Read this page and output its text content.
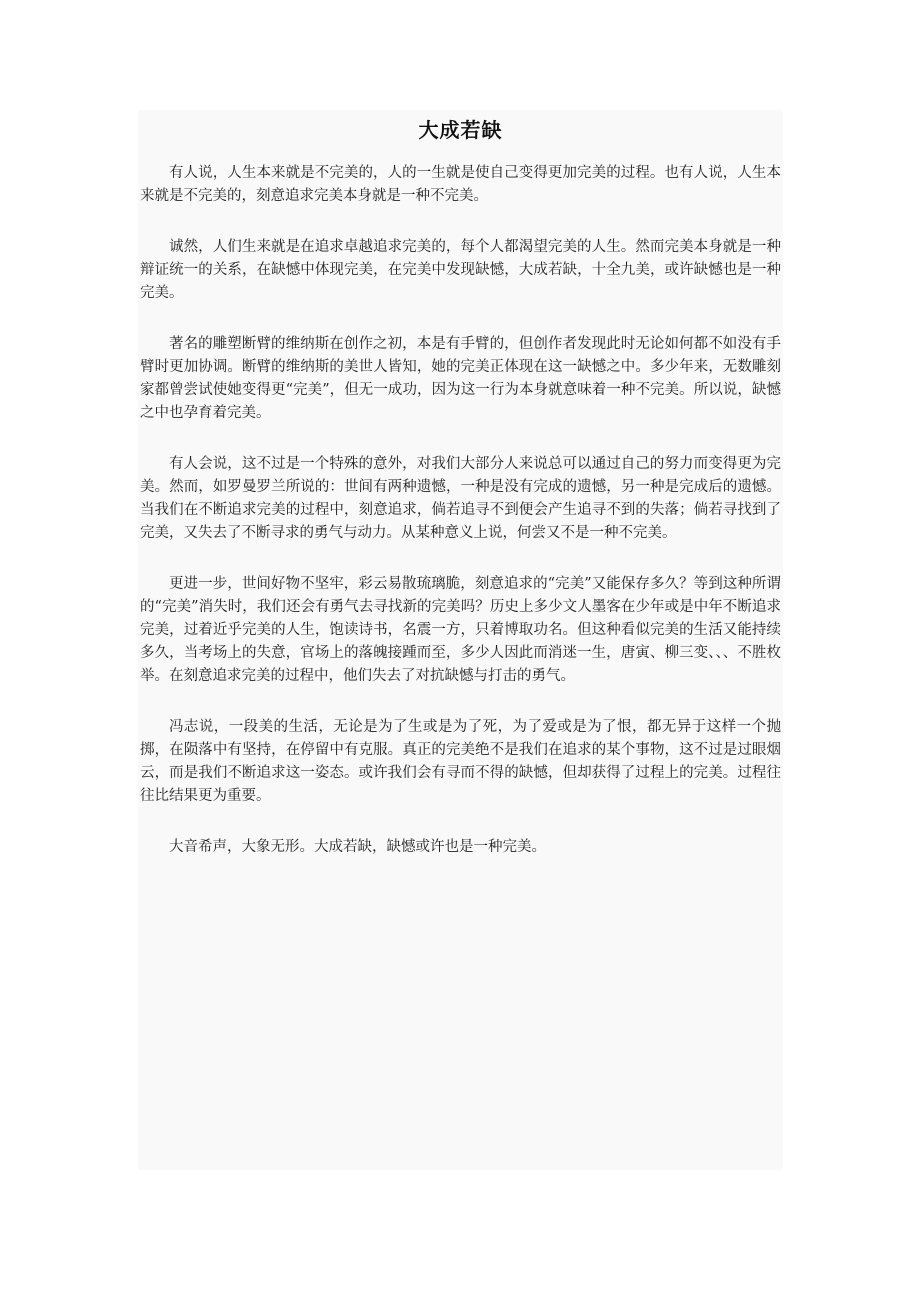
大成若缺

有人说，人生本来就是不完美的，人的一生就是使自己变得更加完美的过程。也有人说，人生本来就是不完美的，刻意追求完美本身就是一种不完美。

诚然，人们生来就是在追求卓越追求完美的，每个人都渴望完美的人生。然而完美本身就是一种辩证统一的关系，在缺憾中体现完美，在完美中发现缺憾，大成若缺，十全九美，或许缺憾也是一种完美。

著名的雕塑断臂的维纳斯在创作之初，本是有手臂的，但创作者发现此时无论如何都不如没有手臂时更加协调。断臂的维纳斯的美世人皆知，她的完美正体现在这一缺憾之中。多少年来，无数雕刻家都曾尝试使她变得更“完美”，但无一成功，因为这一行为本身就意味着一种不完美。所以说，缺憾之中也孕育着完美。

有人会说，这不过是一个特殊的意外，对我们大部分人来说总可以通过自己的努力而变得更为完美。然而，如罗曼罗兰所说的：世间有两种遗憾，一种是没有完成的遗憾，另一种是完成后的遗憾。当我们在不断追求完美的过程中，刻意追求，倘若追寻不到便会产生追寻不到的失落；倘若寻找到了完美，又失去了不断寻求的勇气与动力。从某种意义上说，何尝又不是一种不完美。

更进一步，世间好物不坚牢，彩云易散琉璃脆，刻意追求的“完美”又能保存多久？等到这种所谓的“完美”消失时，我们还会有勇气去寻找新的完美吗？历史上多少文人墨客在少年或是中年不断追求完美，过着近乎完美的人生，饱读诗书，名震一方，只着博取功名。但这种看似完美的生活又能持续多久，当考场上的失意，官场上的落魄接踵而至，多少人因此而消迷一生，唐寅、柳三变、、、不胜枚举。在刻意追求完美的过程中，他们失去了对抗缺憾与打击的勇气。

冯志说，一段美的生活，无论是为了生或是为了死，为了爱或是为了恨，都无异于这样一个抛掷，在陨落中有坚持，在停留中有克服。真正的完美绝不是我们在追求的某个事物，这不过是过眼烟云，而是我们不断追求这一姿态。或许我们会有寻而不得的缺憾，但却获得了过程上的完美。过程往往比结果更为重要。

大音希声，大象无形。大成若缺，缺憾或许也是一种完美。
